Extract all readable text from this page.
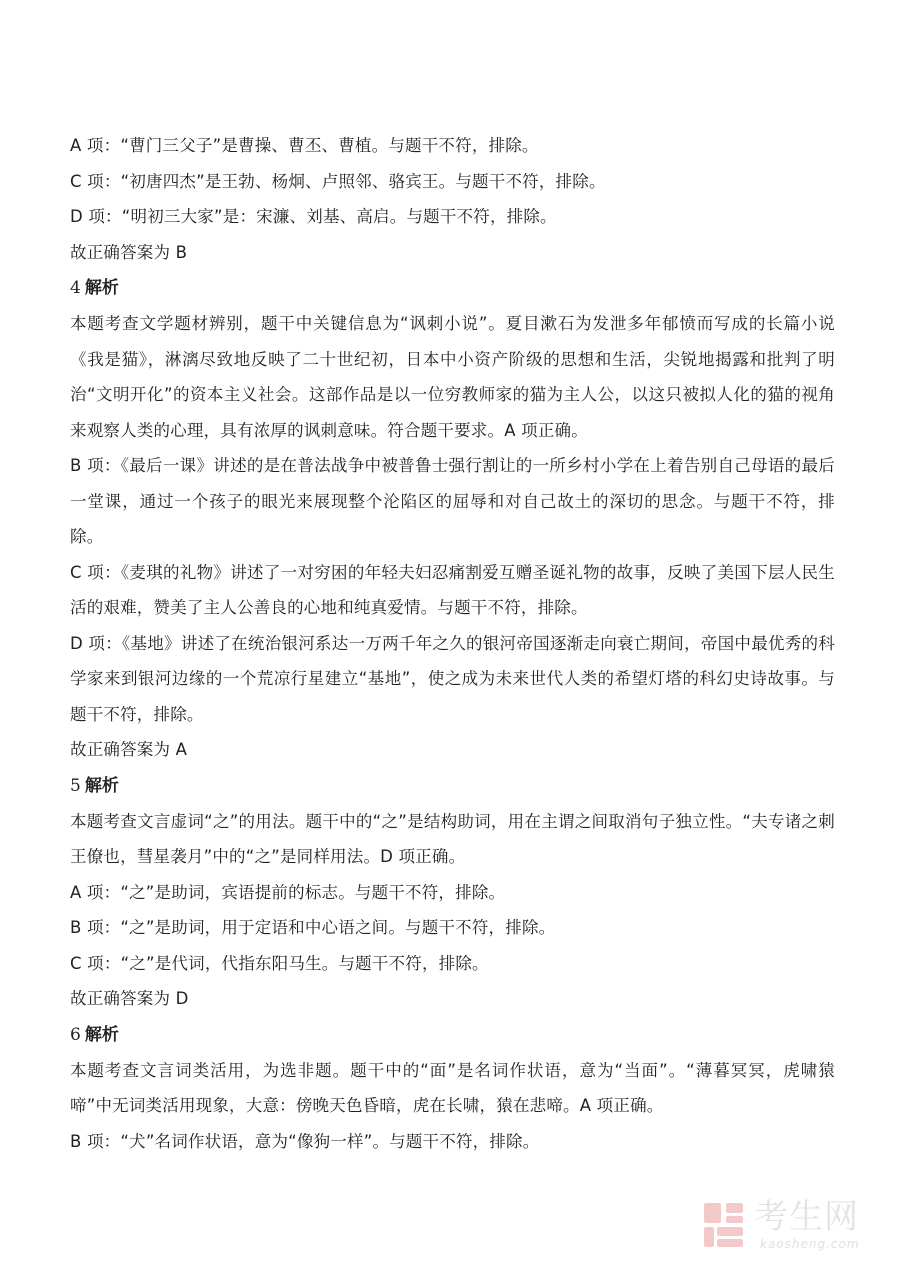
A 项：“曹门三父子”是曹操、曹丕、曹植。与题干不符，排除。

C 项：“初唐四杰”是王勃、杨炯、卢照邻、骆宾王。与题干不符，排除。

D 项：“明初三大家”是：宋濂、刘基、高启。与题干不符，排除。

故正确答案为 B

4 解析

本题考查文学题材辨别，题干中关键信息为“讽刺小说”。夏目漱石为发泄多年郁愤而写成的长篇小说《我是猫》，淋漓尽致地反映了二十世纪初，日本中小资产阶级的思想和生活，尖锐地揭露和批判了明治“文明开化”的资本主义社会。这部作品是以一位穷教师家的猫为主人公，以这只被拟人化的猫的视角来观察人类的心理，具有浓厚的讽刺意味。符合题干要求。A 项正确。

B 项：《最后一课》讲述的是在普法战争中被普鲁士强行割让的一所乡村小学在上着告别自己母语的最后一堂课，通过一个孩子的眼光来展现整个沦陷区的屈辱和对自己故土的深切的思念。与题干不符，排除。

C 项：《麦琪的礼物》讲述了一对穷困的年轻夫妇忍痛割爱互赠圣诞礼物的故事，反映了美国下层人民生活的艰难，赞美了主人公善良的心地和纯真爱情。与题干不符，排除。

D 项：《基地》讲述了在统治银河系达一万两千年之久的银河帝国逐渐走向衰亡期间，帝国中最优秀的科学家来到银河边缘的一个荒凉行星建立“基地”，使之成为未来世代人类的希望灯塔的科幻史诗故事。与题干不符，排除。

故正确答案为 A

5 解析

本题考查文言虚词“之”的用法。题干中的“之”是结构助词，用在主谓之间取消句子独立性。“夫专诸之刺王僚也，彗星袭月”中的“之”是同样用法。D 项正确。

A 项：“之”是助词，宾语提前的标志。与题干不符，排除。

B 项：“之”是助词，用于定语和中心语之间。与题干不符，排除。

C 项：“之”是代词，代指东阳马生。与题干不符，排除。

故正确答案为 D

6 解析

本题考查文言词类活用，为选非题。题干中的“面”是名词作状语，意为“当面”。“薄暮冥冥，虎啸猿啼”中无词类活用现象，大意：傍晚天色昏暗，虎在长啸，猿在悲啼。A 项正确。

B 项：“犬”名词作状语，意为“像狗一样”。与题干不符，排除。

考生网
kaosheng.com
